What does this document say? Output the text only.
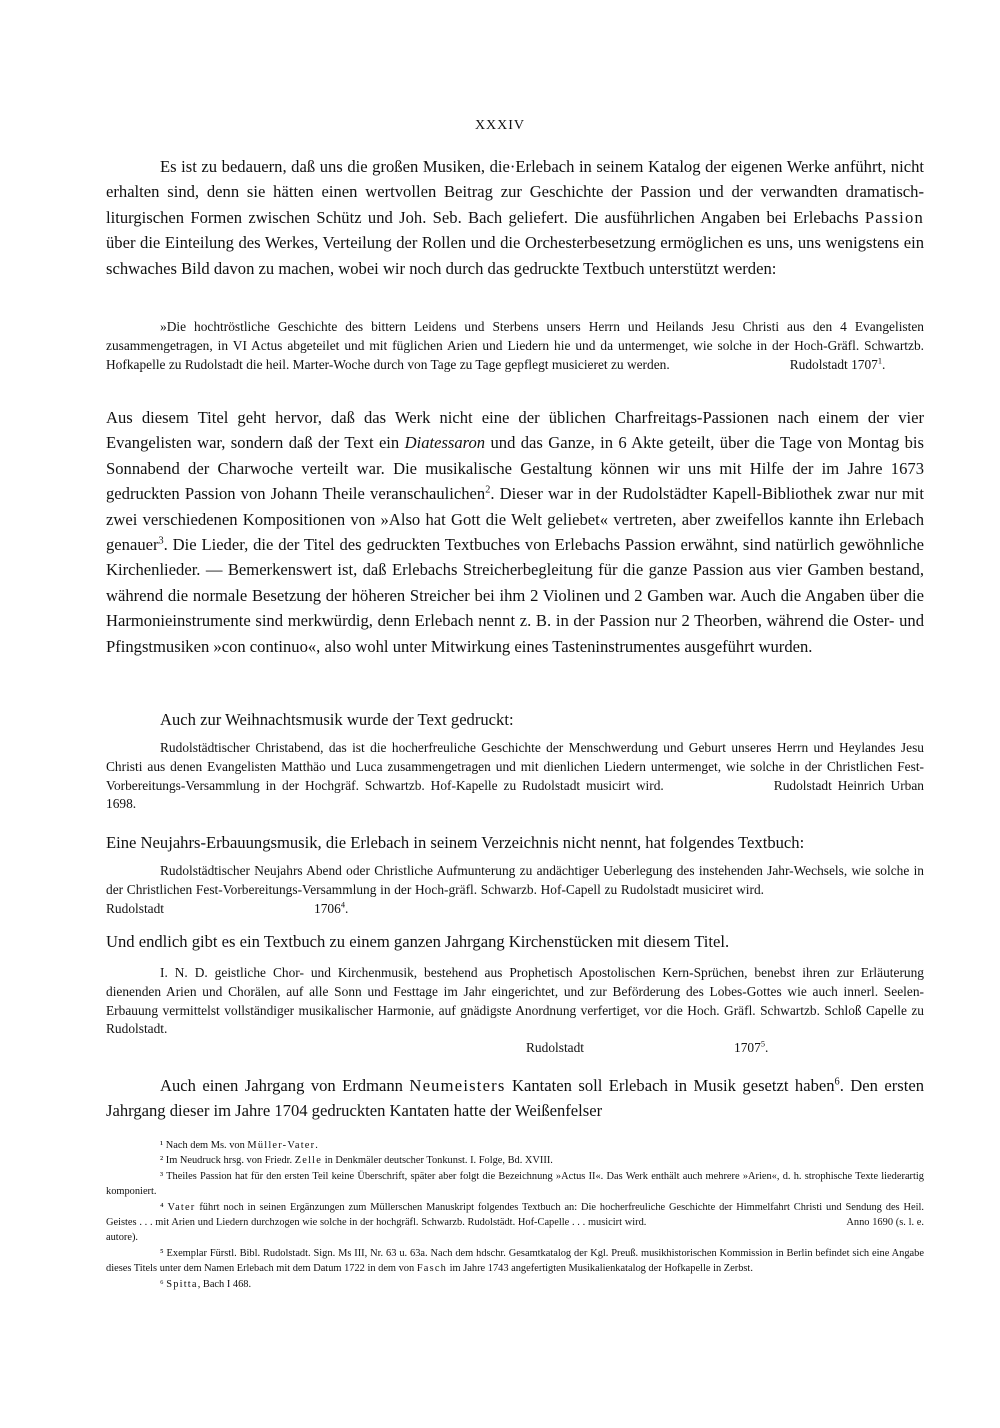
XXXIV

Es ist zu bedauern, daß uns die großen Musiken, die·Erlebach in seinem Katalog der eigenen Werke anführt, nicht erhalten sind, denn sie hätten einen wertvollen Beitrag zur Geschichte der Passion und der verwandten dramatisch-liturgischen Formen zwischen Schütz und Joh. Seb. Bach geliefert. Die ausführlichen Angaben bei Erlebachs Passion über die Einteilung des Werkes, Verteilung der Rollen und die Orchesterbesetzung ermöglichen es uns, uns wenigstens ein schwaches Bild davon zu machen, wobei wir noch durch das gedruckte Textbuch unterstützt werden:

»Die hochtröstliche Geschichte des bittern Leidens und Sterbens unsers Herrn und Heilands Jesu Christi aus den 4 Evangelisten zusammengetragen, in VI Actus abgeteilet und mit füglichen Arien und Liedern hie und da untermenget, wie solche in der Hoch-Gräfl. Schwartzb. Hofkapelle zu Rudolstadt die heil. Marter-Woche durch von Tage zu Tage gepflegt musicieret zu werden.	Rudolstadt 1707$^1$.

Aus diesem Titel geht hervor, daß das Werk nicht eine der üblichen Charfreitags-Passionen nach einem der vier Evangelisten war, sondern daß der Text ein Diatessaron und das Ganze, in 6 Akte geteilt, über die Tage von Montag bis Sonnabend der Charwoche verteilt war. Die musikalische Gestaltung können wir uns mit Hilfe der im Jahre 1673 gedruckten Passion von Johann Theile veranschaulichen$^2$. Dieser war in der Rudolstädter Kapell-Bibliothek zwar nur mit zwei verschiedenen Kompositionen von »Also hat Gott die Welt geliebet« vertreten, aber zweifellos kannte ihn Erlebach genauer$^3$. Die Lieder, die der Titel des gedruckten Textbuches von Erlebachs Passion erwähnt, sind natürlich gewöhnliche Kirchenlieder. — Bemerkenswert ist, daß Erlebachs Streicherbegleitung für die ganze Passion aus vier Gamben bestand, während die normale Besetzung der höheren Streicher bei ihm 2 Violinen und 2 Gamben war. Auch die Angaben über die Harmonieinstrumente sind merkwürdig, denn Erlebach nennt z. B. in der Passion nur 2 Theorben, während die Oster- und Pfingstmusiken »con continuo«, also wohl unter Mitwirkung eines Tasteninstrumentes ausgeführt wurden.

Auch zur Weihnachtsmusik wurde der Text gedruckt:

Rudolstädtischer Christabend, das ist die hocherfreuliche Geschichte der Menschwerdung und Geburt unseres Herrn und Heylandes Jesu Christi aus denen Evangelisten Matthäo und Luca zusammengetragen und mit dienlichen Liedern untermenget, wie solche in der Christlichen Fest-Vorbereitungs-Versammlung in der Hochgräf. Schwartzb. Hof-Kapelle zu Rudolstadt musicirt wird.	Rudolstadt Heinrich Urban 1698.

Eine Neujahrs-Erbauungsmusik, die Erlebach in seinem Verzeichnis nicht nennt, hat folgendes Textbuch:

Rudolstädtischer Neujahrs Abend oder Christliche Aufmunterung zu andächtiger Ueberlegung des instehenden Jahr-Wechsels, wie solche in der Christlichen Fest-Vorbereitungs-Versammlung in der Hoch-gräfl. Schwarzb. Hof-Capell zu Rudolstadt musiciret wird.Rudolstadt	1706$^4$.

Und endlich gibt es ein Textbuch zu einem ganzen Jahrgang Kirchenstücken mit diesem Titel.

I. N. D. geistliche Chor- und Kirchenmusik, bestehend aus Prophetisch Apostolischen Kern-Sprüchen, benebst ihren zur Erläuterung dienenden Arien und Chorälen, auf alle Sonn und Festtage im Jahr eingerichtet, und zur Beförderung des Lobes-Gottes wie auch innerl. Seelen-Erbauung vermittelst vollständiger musikalischer Harmonie, auf gnädigste Anordnung verfertiget, vor die Hoch. Gräfl. Schwartzb. Schloß Capelle zu Rudolstadt.
Rudolstadt	1707$^5$.

Auch einen Jahrgang von Erdmann Neumeisters Kantaten soll Erlebach in Musik gesetzt haben$^6$. Den ersten Jahrgang dieser im Jahre 1704 gedruckten Kantaten hatte der Weißenfelser

¹ Nach dem Ms. von Müller-Vater.
² Im Neudruck hrsg. von Friedr. Zelle in Denkmäler deutscher Tonkunst. I. Folge, Bd. XVIII.
³ Theiles Passion hat für den ersten Teil keine Überschrift, später aber folgt die Bezeichnung »Actus II«. Das Werk enthält auch mehrere »Arien«, d. h. strophische Texte liederartig komponiert.
⁴ Vater führt noch in seinen Ergänzungen zum Müllerschen Manuskript folgendes Textbuch an: Die hocherfreuliche Geschichte der Himmelfahrt Christi und Sendung des Heil. Geistes . . . mit Arien und Liedern durchzogen wie solche in der hochgräfl. Schwarzb. Rudolstädt. Hof-Capelle . . . musicirt wird.	Anno 1690 (s. l. e. autore).
⁵ Exemplar Fürstl. Bibl. Rudolstadt. Sign. Ms III, Nr. 63 u. 63a. Nach dem hdschr. Gesamtkatalog der Kgl. Preuß. musikhistorischen Kommission in Berlin befindet sich eine Angabe dieses Titels unter dem Namen Erlebach mit dem Datum 1722 in dem von Fasch im Jahre 1743 angefertigten Musikalienkatalog der Hofkapelle in Zerbst.
⁶ Spitta, Bach I 468.
